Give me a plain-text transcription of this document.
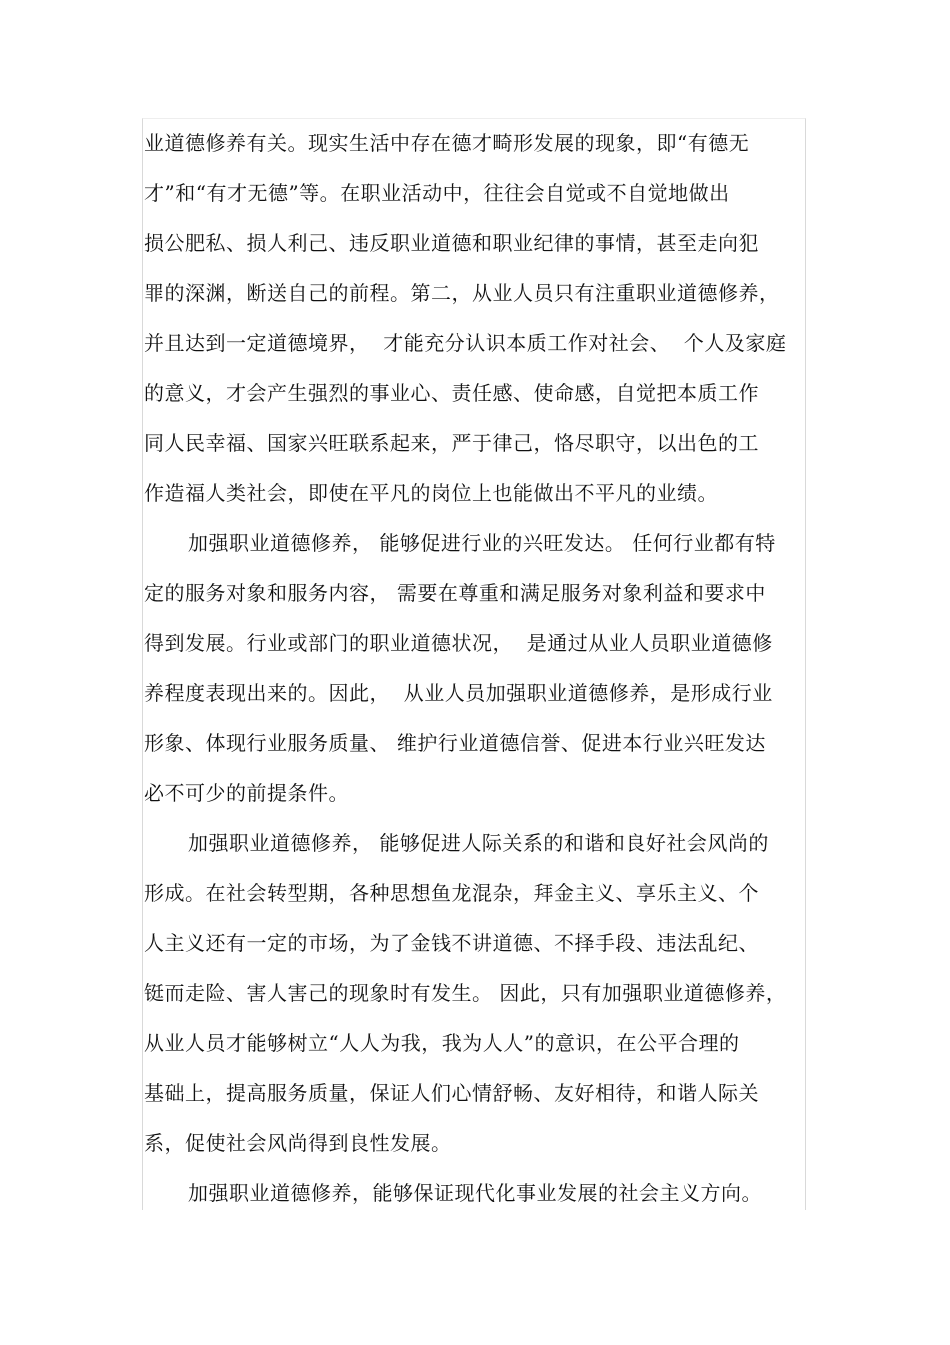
业道德修养有关。现实生活中存在德才畸形发展的现象，即“有德无
才”和“有才无德”等。在职业活动中，往往会自觉或不自觉地做出
损公肥私、损人利己、违反职业道德和职业纪律的事情，甚至走向犯
罪的深渊，断送自己的前程。第二，从业人员只有注重职业道德修养，
并且达到一定道德境界，  才能充分认识本质工作对社会、  个人及家庭
的意义，才会产生强烈的事业心、责任感、使命感，自觉把本质工作
同人民幸福、国家兴旺联系起来，严于律己，恪尽职守，以出色的工
作造福人类社会，即使在平凡的岗位上也能做出不平凡的业绩。
加强职业道德修养， 能够促进行业的兴旺发达。 任何行业都有特
定的服务对象和服务内容， 需要在尊重和满足服务对象利益和要求中
得到发展。行业或部门的职业道德状况，  是通过从业人员职业道德修
养程度表现出来的。因此，  从业人员加强职业道德修养，是形成行业
形象、体现行业服务质量、 维护行业道德信誉、促进本行业兴旺发达
必不可少的前提条件。
加强职业道德修养， 能够促进人际关系的和谐和良好社会风尚的
形成。在社会转型期，各种思想鱼龙混杂，拜金主义、享乐主义、个
人主义还有一定的市场，为了金钱不讲道德、不择手段、违法乱纪、
铤而走险、害人害己的现象时有发生。 因此，只有加强职业道德修养，
从业人员才能够树立“人人为我，我为人人”的意识，在公平合理的
基础上，提高服务质量，保证人们心情舒畅、友好相待，和谐人际关
系，促使社会风尚得到良性发展。
加强职业道德修养，能够保证现代化事业发展的社会主义方向。
